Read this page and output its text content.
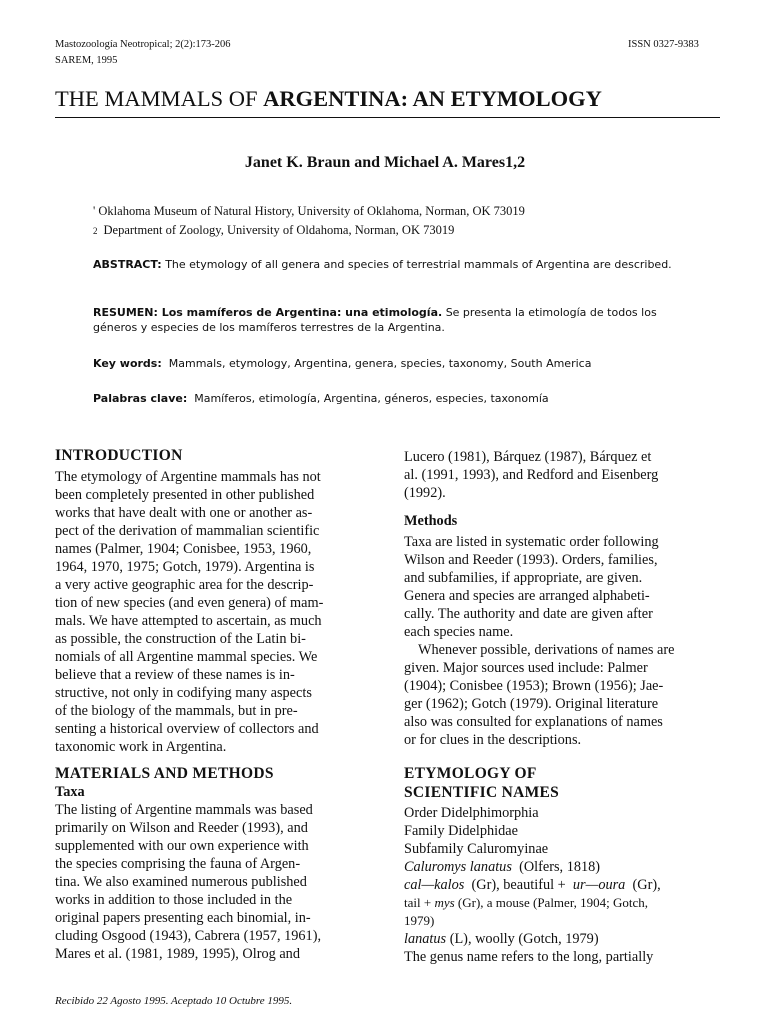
Mastozoología Neotropical; 2(2):173-206
SAREM, 1995
ISSN 0327-9383
THE MAMMALS OF ARGENTINA: AN ETYMOLOGY
Janet K. Braun and Michael A. Mares1,2
' Oklahoma Museum of Natural History, University of Oklahoma, Norman, OK 73019
2 Department of Zoology, University of Oldahoma, Norman, OK 73019
ABSTRACT: The etymology of all genera and species of terrestrial mammals of Argentina are described.
RESUMEN: Los mamíferos de Argentina: una etimología. Se presenta la etimología de todos los géneros y especies de los mamíferos terrestres de la Argentina.
Key words: Mammals, etymology, Argentina, genera, species, taxonomy, South America
Palabras clave: Mamíferos, etimología, Argentina, géneros, especies, taxonomía
INTRODUCTION
The etymology of Argentine mammals has not
been completely presented in other published
works that have dealt with one or another as-
pect of the derivation of mammalian scientific
names (Palmer, 1904; Conisbee, 1953, 1960,
1964, 1970, 1975; Gotch, 1979). Argentina is
a very active geographic area for the descrip-
tion of new species (and even genera) of mam-
mals. We have attempted to ascertain, as much
as possible, the construction of the Latin bi-
nomials of all Argentine mammal species. We
believe that a review of these names is in-
structive, not only in codifying many aspects
of the biology of the mammals, but in pre-
senting a historical overview of collectors and
taxonomic work in Argentina.
MATERIALS AND METHODS
Taxa
The listing of Argentine mammals was based
primarily on Wilson and Reeder (1993), and
supplemented with our own experience with
the species comprising the fauna of Argen-
tina. We also examined numerous published
works in addition to those included in the
original papers presenting each binomial, in-
cluding Osgood (1943), Cabrera (1957, 1961),
Mares et al. (1981, 1989, 1995), Olrog and
Lucero (1981), Bárquez (1987), Bárquez et
al. (1991, 1993), and Redford and Eisenberg
(1992).
Methods
Taxa are listed in systematic order following
Wilson and Reeder (1993). Orders, families,
and subfamilies, if appropriate, are given.
Genera and species are arranged alphabeti-
cally. The authority and date are given after
each species name.
Whenever possible, derivations of names are
given. Major sources used include: Palmer
(1904); Conisbee (1953); Brown (1956); Jae-
ger (1962); Gotch (1979). Original literature
also was consulted for explanations of names
or for clues in the descriptions.
ETYMOLOGY OF
SCIENTIFIC NAMES
Order Didelphimorphia
Family Didelphidae
Subfamily Caluromyinae
Caluromys lanatus (Olfers, 1818)
cal—kalos (Gr), beautiful + ur—oura (Gr),
tail + mys (Gr), a mouse (Palmer, 1904; Gotch,
1979)
lanatus (L), woolly (Gotch, 1979)
The genus name refers to the long, partially
Recibido 22 Agosto 1995. Aceptado 10 Octubre 1995.
